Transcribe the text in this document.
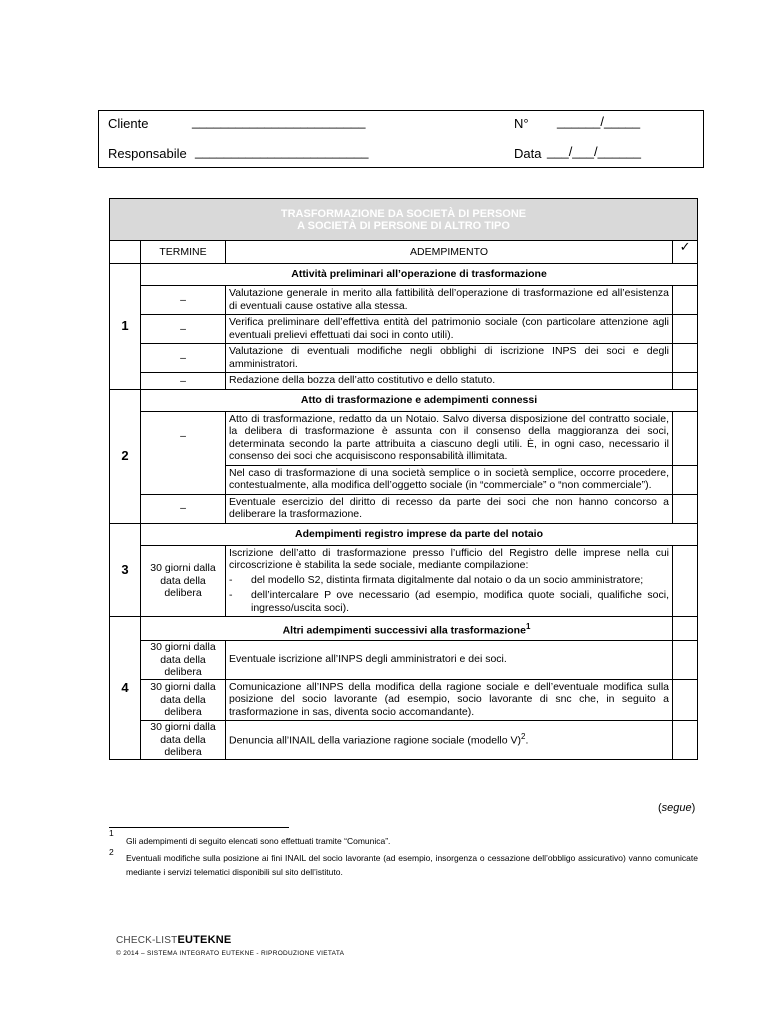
Cliente	________________________
Responsabile ________________________
N° ______/_____
Data ___/___/______
TRASFORMAZIONE DA SOCIETÀ DI PERSONE
A SOCIETÀ DI PERSONE DI ALTRO TIPO			

	TERMINE	ADEMPIMENTO	✓
1	Attività preliminari all’operazione di trasformazione		
	–	Valutazione generale in merito alla fattibilità dell’operazione di trasformazione ed all’esistenza di eventuali cause ostative alla stessa.	
	–	Verifica preliminare dell’effettiva entità del patrimonio sociale (con particolare attenzione agli eventuali prelievi effettuati dai soci in conto utili).	
	–	Valutazione di eventuali modifiche negli obblighi di iscrizione INPS dei soci e degli amministratori.	
	–	Redazione della bozza dell’atto costitutivo e dello statuto.	
2	Atto di trasformazione e adempimenti connessi		
	–	Atto di trasformazione, redatto da un Notaio. Salvo diversa disposizione del contratto sociale, la delibera di trasformazione è assunta con il consenso della maggioranza dei soci, determinata secondo la parte attribuita a ciascuno degli utili. È, in ogni caso, necessario il consenso dei soci che acquisiscono responsabilità illimitata.	
		Nel caso di trasformazione di una società semplice o in società semplice, occorre procedere, contestualmente, alla modifica dell’oggetto sociale (in “commerciale” o “non commerciale”).	
	–	Eventuale esercizio del diritto di recesso da parte dei soci che non hanno concorso a deliberare la trasformazione.	
3	Adempimenti registro imprese da parte del notaio		
	30 giorni dalla data della delibera	Iscrizione dell’atto di trasformazione presso l’ufficio del Registro delle imprese nella cui circoscrizione è stabilita la sede sociale, mediante compilazione:
- del modello S2, distinta firmata digitalmente dal notaio o da un socio amministratore;
- dell’intercalare P ove necessario (ad esempio, modifica quote sociali, qualifiche soci, ingresso/uscita soci).	

4	Altri adempimenti successivi alla trasformazione$^1$	
	30 giorni dalla data della delibera	Eventuale iscrizione all’INPS degli amministratori e dei soci.	
	30 giorni dalla data della delibera	Comunicazione all’INPS della modifica della ragione sociale e dell’eventuale modifica sulla posizione del socio lavorante (ad esempio, socio lavorante di snc che, in seguito a trasformazione in sas, diventa socio accomandante).	
	30 giorni dalla data della delibera	Denuncia all’INAIL della variazione ragione sociale (modello V)$^2$.	
(segue)
1
Gli adempimenti di seguito elencati sono effettuati tramite “Comunica”.
2
Eventuali modifiche sulla posizione ai fini INAIL del socio lavorante (ad esempio, insorgenza o cessazione dell’obbligo assicurativo) vanno comunicate mediante i servizi telematici disponibili sul sito dell’istituto.
CHECK-LISTEUTEKNE
© 2014 – SISTEMA INTEGRATO EUTEKNE - RIPRODUZIONE VIETATA
